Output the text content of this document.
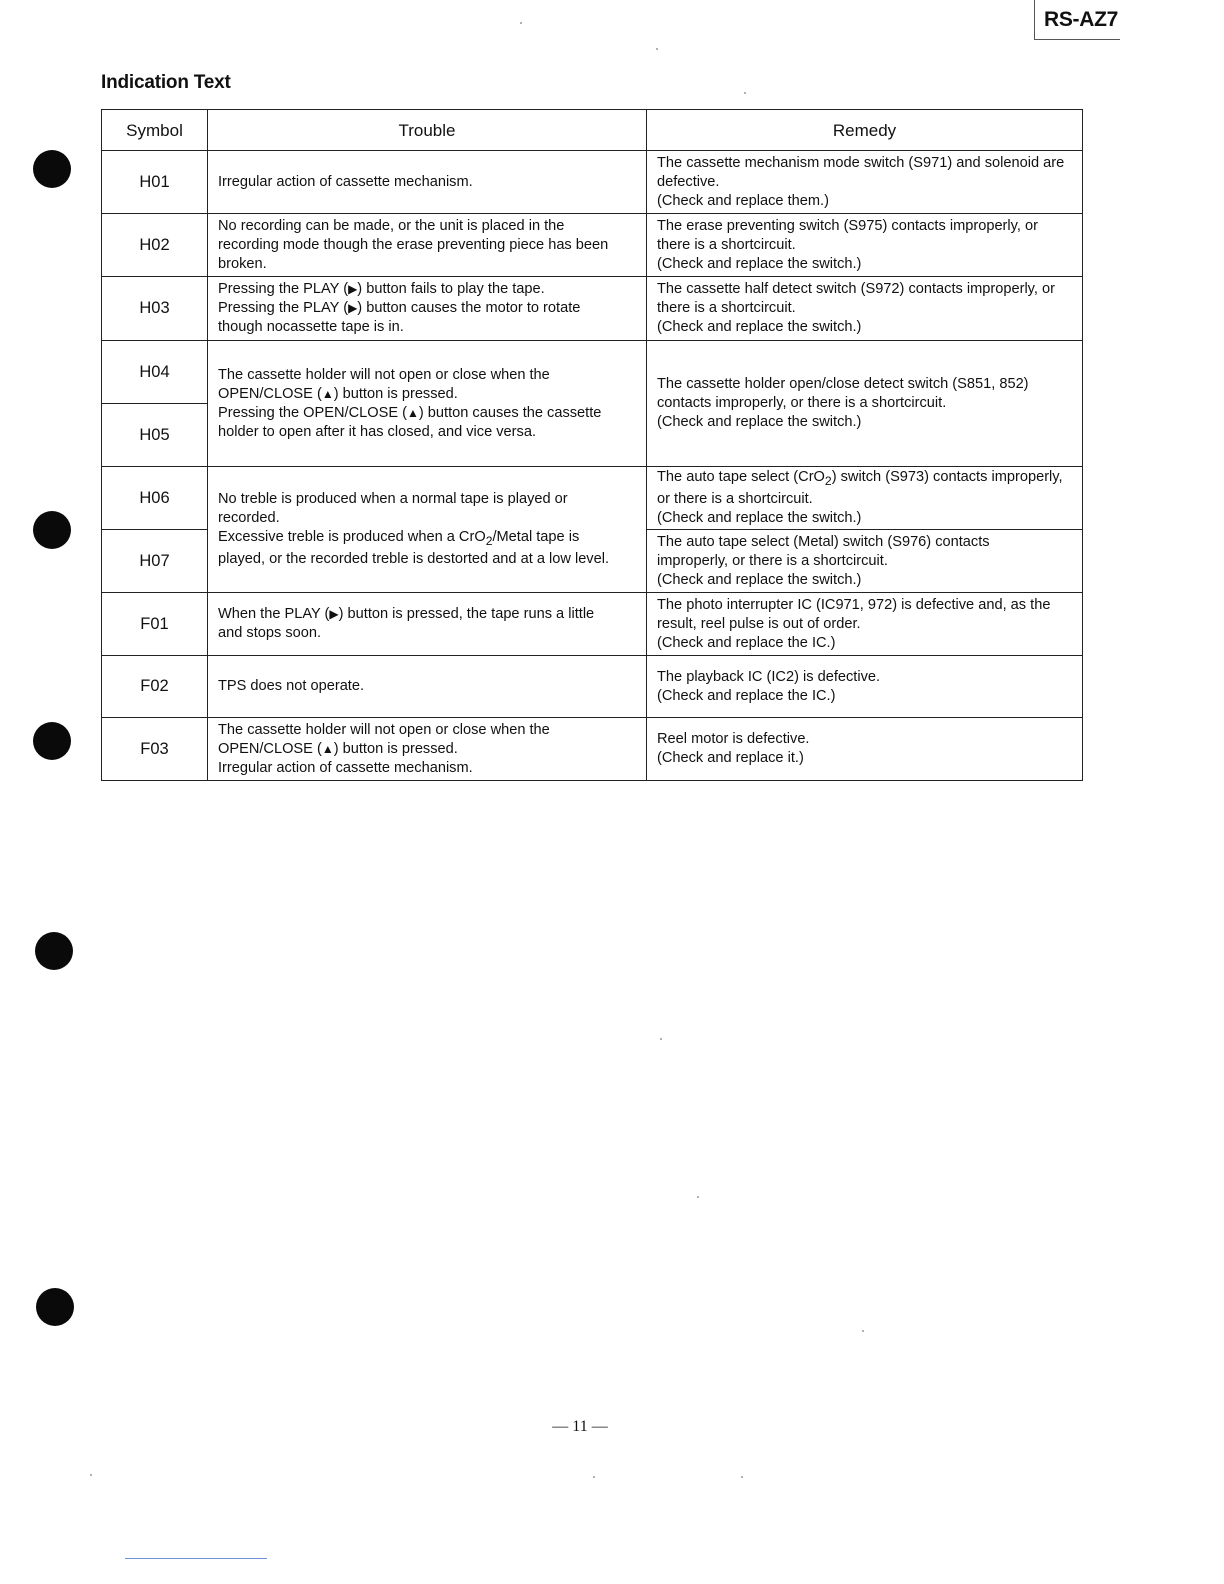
RS-AZ7
Indication Text
Symbol	Trouble	Remedy
H01	Irregular action of cassette mechanism.	The cassette mechanism mode switch (S971) and solenoid are
defective.
(Check and replace them.)
H02	No recording can be made, or the unit is placed in the
recording mode though the erase preventing piece has been
broken.	The erase preventing switch (S975) contacts improperly, or
there is a shortcircuit.
(Check and replace the switch.)
H03	Pressing the PLAY (▶) button fails to play the tape.
Pressing the PLAY (▶) button causes the motor to rotate
though nocassette tape is in.	The cassette half detect switch (S972) contacts improperly, or
there is a shortcircuit.
(Check and replace the switch.)
H04	The cassette holder will not open or close when the
OPEN/CLOSE (▲) button is pressed.
Pressing the OPEN/CLOSE (▲) button causes the cassette
holder to open after it has closed, and vice versa.	The cassette holder open/close detect switch (S851, 852)
contacts improperly, or there is a shortcircuit.
(Check and replace the switch.)
H05		
H06	No treble is produced when a normal tape is played or
recorded.
Excessive treble is produced when a CrO$_2$/Metal tape is
played, or the recorded treble is destorted and at a low level.	The auto tape select (CrO$_2$) switch (S973) contacts improperly,
or there is a shortcircuit.
(Check and replace the switch.)
H07		The auto tape select (Metal) switch (S976) contacts
improperly, or there is a shortcircuit.
(Check and replace the switch.)
F01	When the PLAY (▶) button is pressed, the tape runs a little
and stops soon.	The photo interrupter IC (IC971, 972) is defective and, as the
result, reel pulse is out of order.
(Check and replace the IC.)
F02	TPS does not operate.	The playback IC (IC2) is defective.
(Check and replace the IC.)
F03	The cassette holder will not open or close when the
OPEN/CLOSE (▲) button is pressed.
Irregular action of cassette mechanism.	Reel motor is defective.
(Check and replace it.)
— 11 —
